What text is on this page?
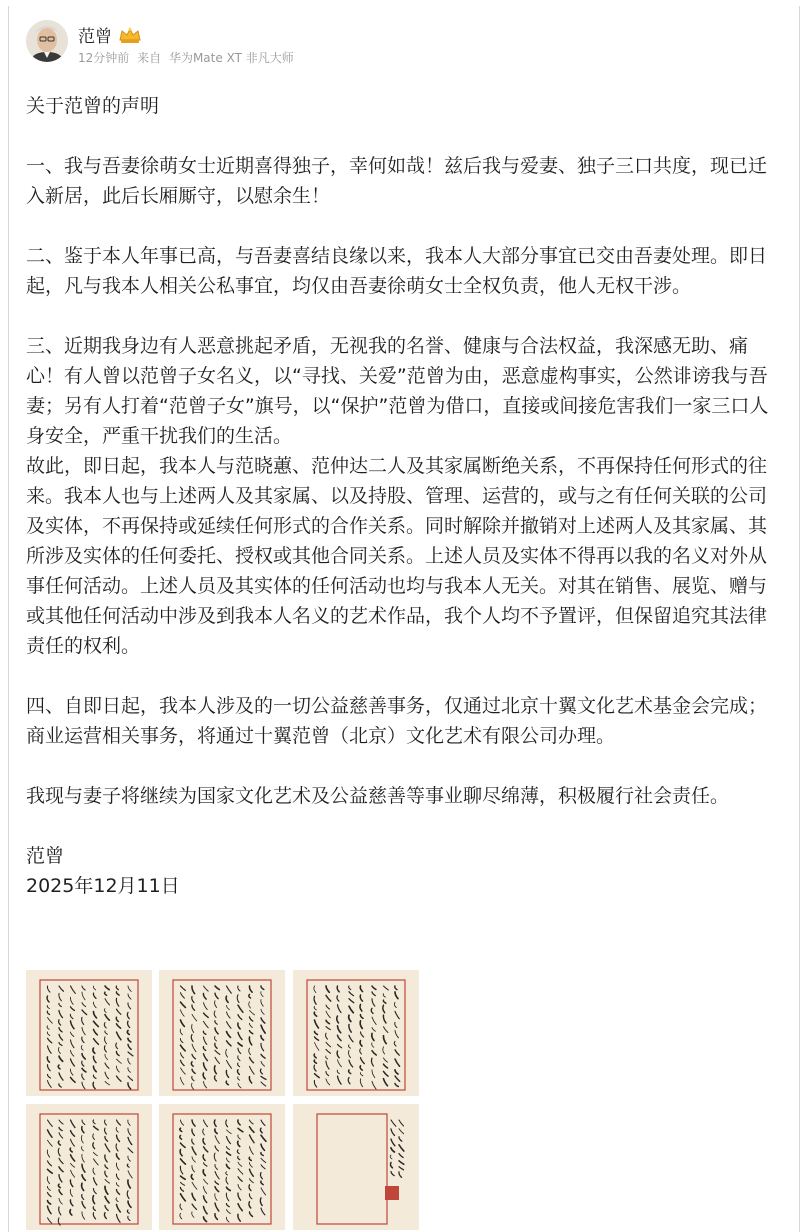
范曾
12分钟前 来自 华为Mate XT 非凡大师

关于范曾的声明

一、我与吾妻徐萌女士近期喜得独子，幸何如哉！兹后我与爱妻、独子三口共度，现已迁入新居，此后长厢厮守，以慰余生！

二、鉴于本人年事已高，与吾妻喜结良缘以来，我本人大部分事宜已交由吾妻处理。即日起，凡与我本人相关公私事宜，均仅由吾妻徐萌女士全权负责，他人无权干涉。

三、近期我身边有人恶意挑起矛盾，无视我的名誉、健康与合法权益，我深感无助、痛心！有人曾以范曾子女名义，以“寻找、关爱”范曾为由，恶意虚构事实，公然诽谤我与吾妻；另有人打着“范曾子女”旗号，以“保护”范曾为借口，直接或间接危害我们一家三口人身安全，严重干扰我们的生活。

故此，即日起，我本人与范晓蕙、范仲达二人及其家属断绝关系，不再保持任何形式的往来。我本人也与上述两人及其家属、以及持股、管理、运营的，或与之有任何关联的公司及实体，不再保持或延续任何形式的合作关系。同时解除并撤销对上述两人及其家属、其所涉及实体的任何委托、授权或其他合同关系。上述人员及实体不得再以我的名义对外从事任何活动。上述人员及其实体的任何活动也均与我本人无关。对其在销售、展览、赠与或其他任何活动中涉及到我本人名义的艺术作品，我个人均不予置评，但保留追究其法律责任的权利。

四、自即日起，我本人涉及的一切公益慈善事务，仅通过北京十翼文化艺术基金会完成；商业运营相关事务，将通过十翼范曾（北京）文化艺术有限公司办理。

我现与妻子将继续为国家文化艺术及公益慈善等事业聊尽绵薄，积极履行社会责任。

范曾

2025年12月11日
